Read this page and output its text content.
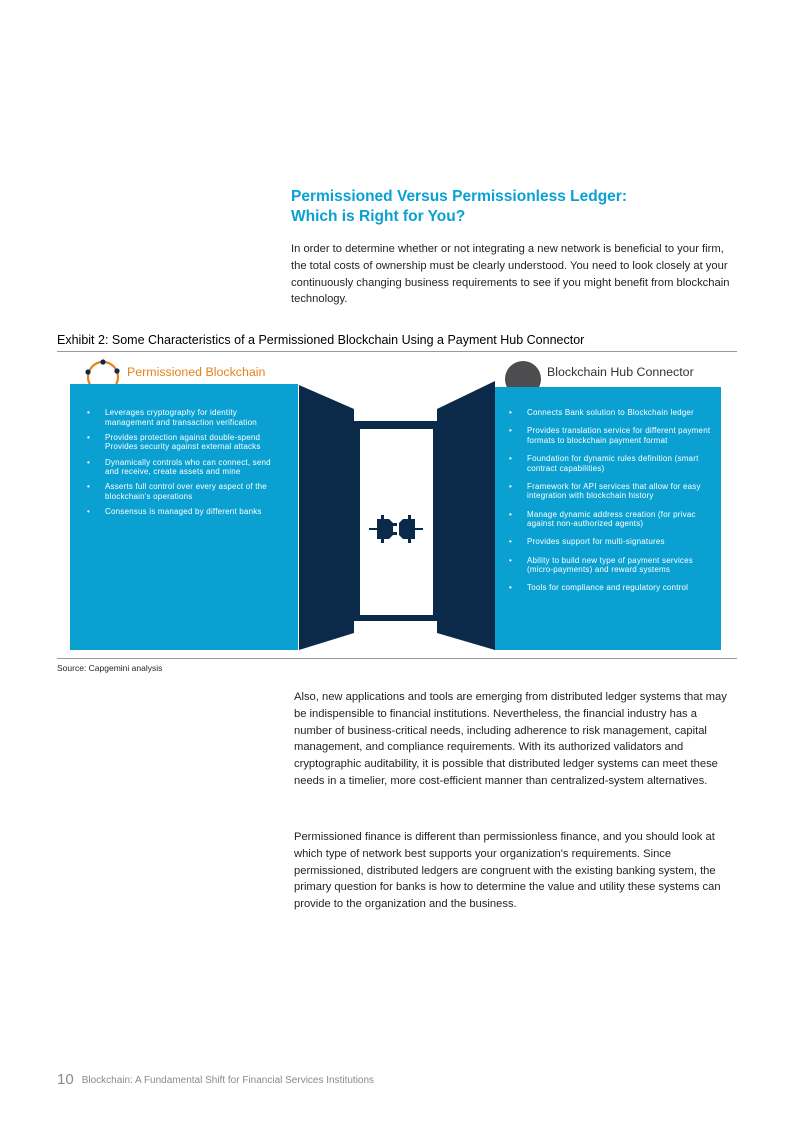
Permissioned Versus Permissionless Ledger:
Which is Right for You?

In order to determine whether or not integrating a new network is beneficial to your firm, the total costs of ownership must be clearly understood. You need to look closely at your continuously changing business requirements to see if you might benefit from blockchain technology.

Exhibit 2: Some Characteristics of a Permissioned Blockchain Using a Payment Hub Connector
Permissioned Blockchain
• Leverages cryptography for identity management and transaction verification
• Provides protection against double-spend Provides security against external attacks
• Dynamically controls who can connect, send and receive, create assets and mine
• Asserts full control over every aspect of the blockchain's operations
• Consensus is managed by different banks
Blockchain Hub Connector
• Connects Bank solution to Blockchain ledger
• Provides translation service for different payment formats to blockchain payment format
• Foundation for dynamic rules definition (smart contract capabilities)
• Framework for API services that allow for easy integration with blockchain history
• Manage dynamic address creation (for privac against non-authorized agents)
• Provides support for multi-signatures
• Ability to build new type of payment services (micro-payments) and reward systems
• Tools for compliance and regulatory control
Source: Capgemini analysis

Also, new applications and tools are emerging from distributed ledger systems that may be indispensible to financial institutions. Nevertheless, the financial industry has a number of business-critical needs, including adherence to risk management, capital management, and compliance requirements. With its authorized validators and cryptographic auditability, it is possible that distributed ledger systems can meet these needs in a timelier, more cost-efficient manner than centralized-system alternatives.

Permissioned finance is different than permissionless finance, and you should look at which type of network best supports your organization's requirements. Since permissioned, distributed ledgers are congruent with the existing banking system, the primary question for banks is how to determine the value and utility these systems can provide to the organization and the business.

10 Blockchain: A Fundamental Shift for Financial Services Institutions
